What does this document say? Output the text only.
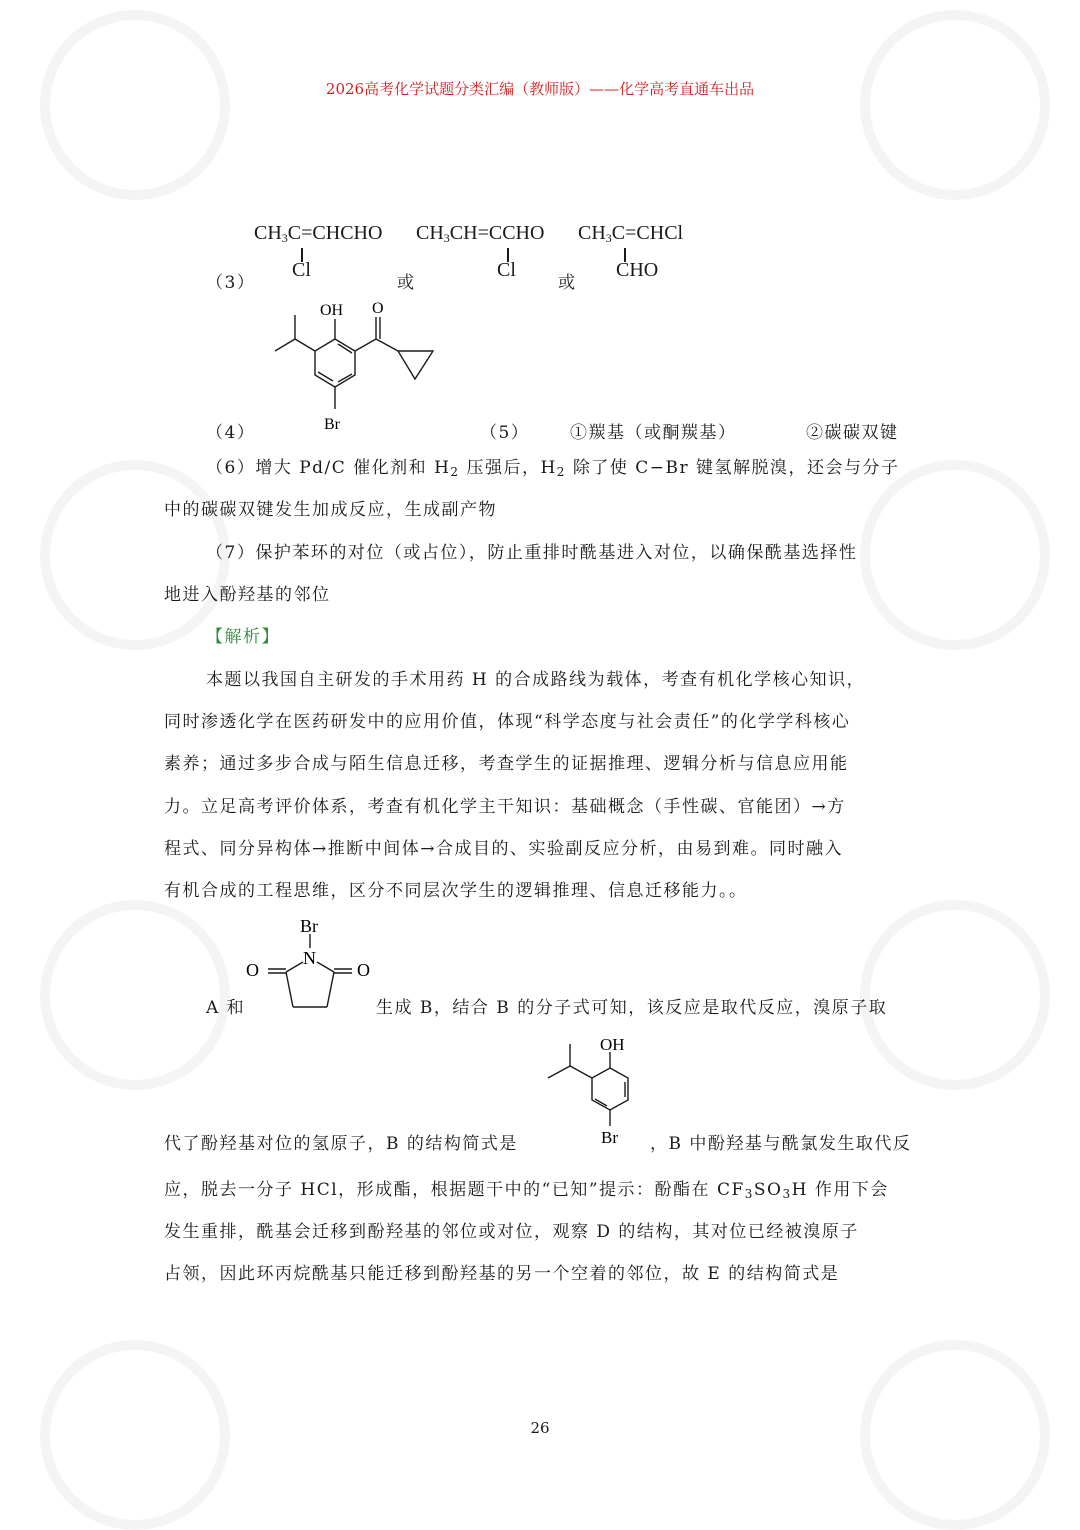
2026高考化学试题分类汇编（教师版）——化学高考直通车出品
$CH_3C=CHCHO$
Cl
$CH_3CH=CCHO$
Cl
$CH_3C=CHCl$
CHO
（3）	或	或
OH O
Br
（4）	（5） ①羰基（或酮羰基）	②碳碳双键
（6）增大 Pd/C 催化剂和 $H_2$ 压强后，$H_2$ 除了使 C−Br 键氢解脱溴，还会与分子
中的碳碳双键发生加成反应，生成副产物
（7）保护苯环的对位（或占位），防止重排时酰基进入对位，以确保酰基选择性
地进入酚羟基的邻位
【解析】
本题以我国自主研发的手术用药 H 的合成路线为载体，考查有机化学核心知识，
同时渗透化学在医药研发中的应用价值，体现“科学态度与社会责任”的化学学科核心
素养；通过多步合成与陌生信息迁移，考查学生的证据推理、逻辑分析与信息应用能
力。立足高考评价体系，考查有机化学主干知识：基础概念（手性碳、官能团）→方
程式、同分异构体→推断中间体→合成目的、实验副反应分析，由易到难。同时融入
有机合成的工程思维，区分不同层次学生的逻辑推理、信息迁移能力。。
Br
N
O	O
A 和	生成 B，结合 B 的分子式可知，该反应是取代反应，溴原子取
OH
Br
代了酚羟基对位的氢原子，B 的结构简式是	，B 中酚羟基与酰氯发生取代反
应，脱去一分子 HCl，形成酯，根据题干中的“已知”提示：酚酯在 $CF_3SO_3H$ 作用下会
发生重排，酰基会迁移到酚羟基的邻位或对位，观察 D 的结构，其对位已经被溴原子
占领，因此环丙烷酰基只能迁移到酚羟基的另一个空着的邻位，故 E 的结构简式是
26
